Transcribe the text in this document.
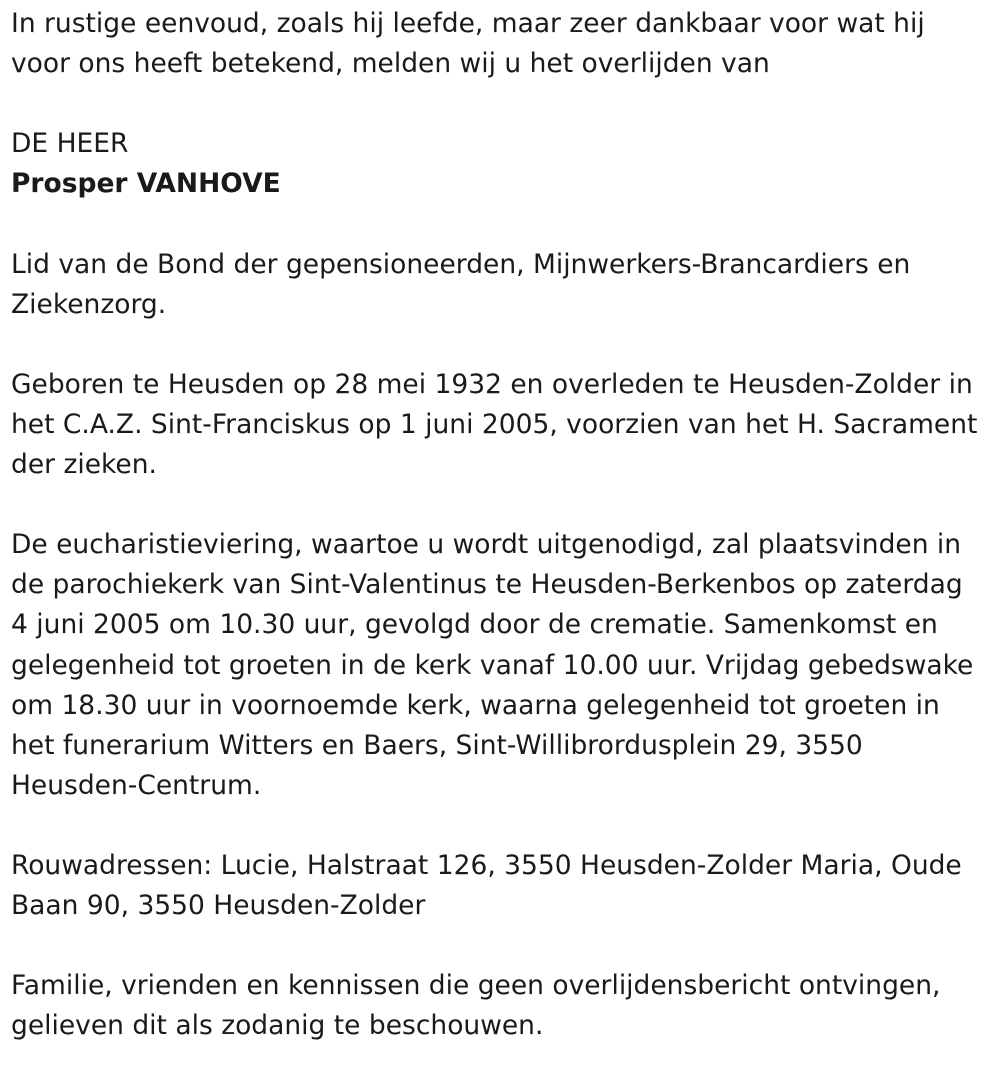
In rustige eenvoud, zoals hij leefde, maar zeer dankbaar voor wat hij voor ons heeft betekend, melden wij u het overlijden van

DE HEER

Prosper VANHOVE

Lid van de Bond der gepensioneerden, Mijnwerkers-Brancardiers en Ziekenzorg.

Geboren te Heusden op 28 mei 1932 en overleden te Heusden-Zolder in het C.A.Z. Sint-Franciskus op 1 juni 2005, voorzien van het H. Sacrament der zieken.

De eucharistieviering, waartoe u wordt uitgenodigd, zal plaatsvinden in de parochiekerk van Sint-Valentinus te Heusden-Berkenbos op zaterdag 4 juni 2005 om 10.30 uur, gevolgd door de crematie. Samenkomst en gelegenheid tot groeten in de kerk vanaf 10.00 uur. Vrijdag gebedswake om 18.30 uur in voornoemde kerk, waarna gelegenheid tot groeten in het funerarium Witters en Baers, Sint-Willibrordusplein 29, 3550 Heusden-Centrum.

Rouwadressen: Lucie, Halstraat 126, 3550 Heusden-Zolder Maria, Oude Baan 90, 3550 Heusden-Zolder

Familie, vrienden en kennissen die geen overlijdensbericht ontvingen, gelieven dit als zodanig te beschouwen.
